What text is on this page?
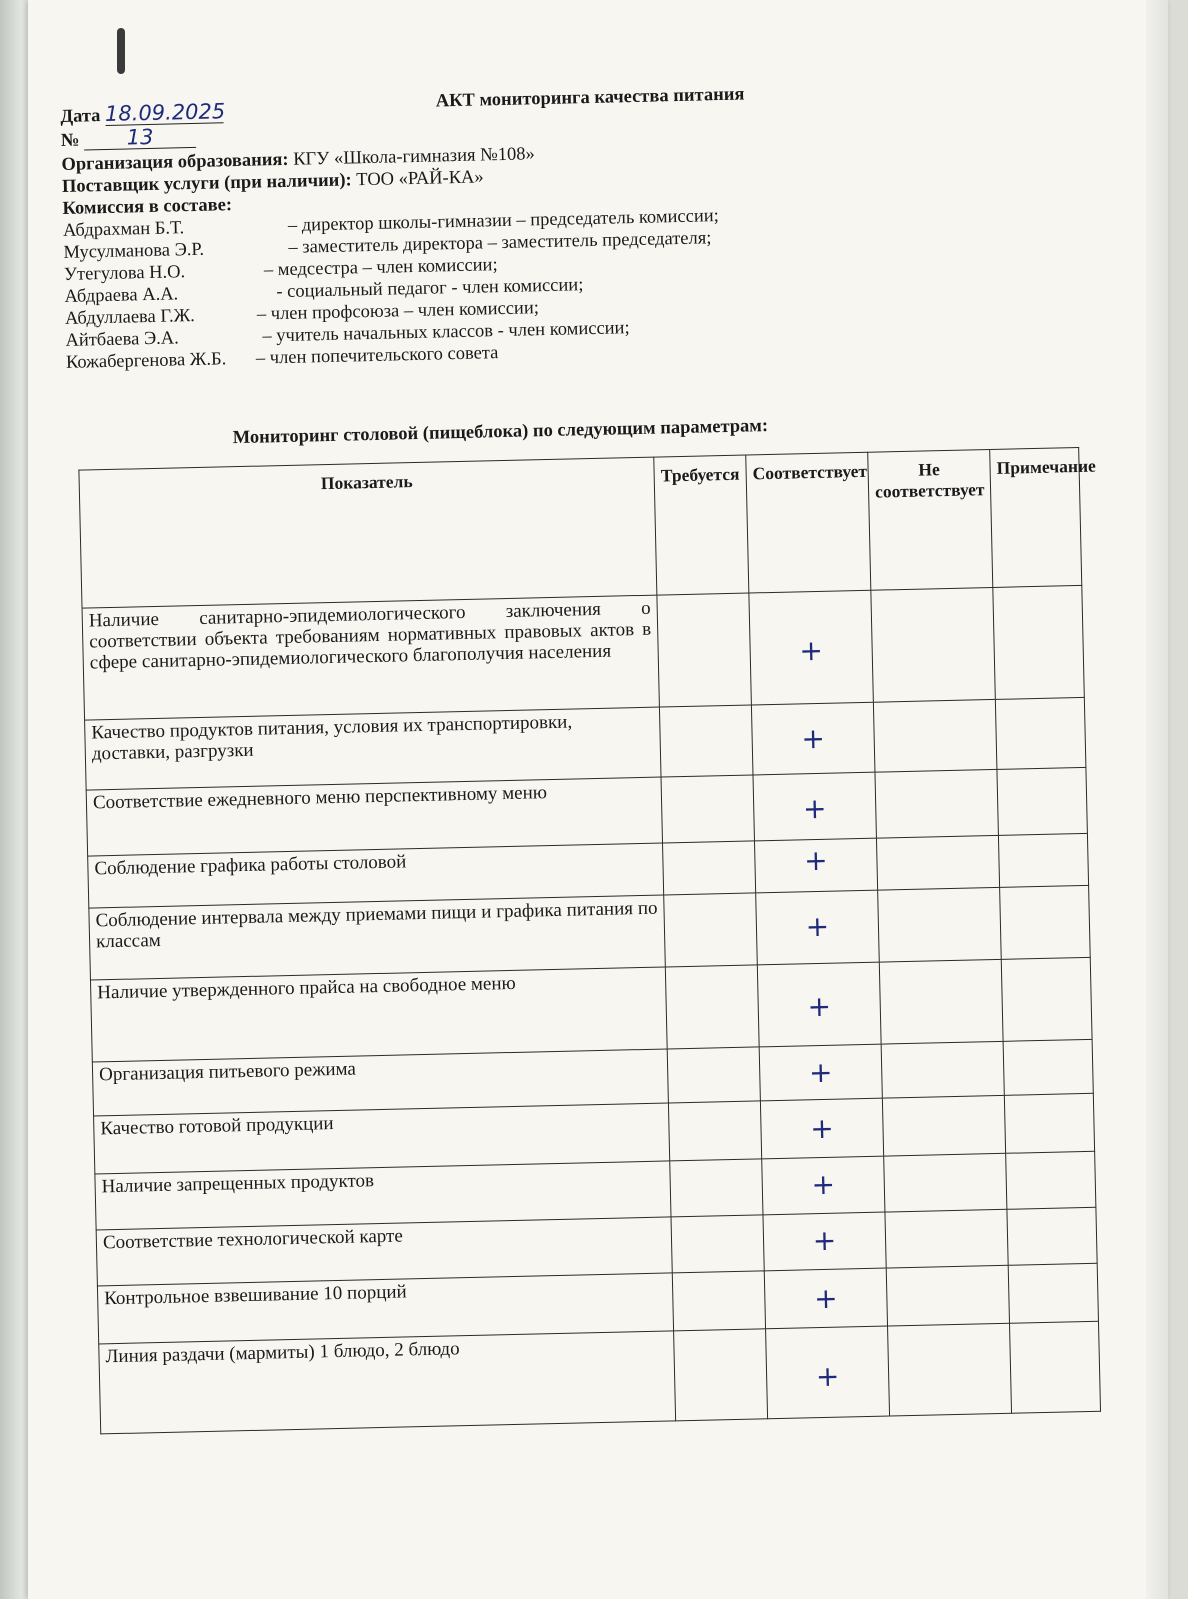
АКТ мониторинга качества питания
Дата 18.09.2025
№ 13
Организация образования: КГУ «Школа-гимназия №108»
Поставщик услуги (при наличии): ТОО «РАЙ-КА»
Комиссия в составе:
Абдрахман Б.Т.	– директор школы-гимназии – председатель комиссии;
Мусулманова Э.Р.	– заместитель директора – заместитель председателя;
Утегулова Н.О.	– медсестра – член комиссии;
Абдраева А.А.	- социальный педагог - член комиссии;
Абдуллаева Г.Ж.	– член профсоюза – член комиссии;
Айтбаева Э.А.	– учитель начальных классов - член комиссии;
Кожабергенова Ж.Б. – член попечительского совета
Мониторинг столовой (пищеблока) по следующим параметрам:
Показатель	Требуется	Соответствует	Не соответствует	Примечание
Наличие санитарно-эпидемиологического заключения о соответствии объекта требованиям нормативных правовых актов в сфере санитарно-эпидемиологического благополучия населения		+		

Качество продуктов питания, условия их транспортировки, доставки, разгрузки		+		

Соответствие ежедневного меню перспективному меню		+		

Соблюдение графика работы столовой		+		

Соблюдение интервала между приемами пищи и графика питания по классам		+		

Наличие утвержденного прайса на свободное меню		+		

Организация питьевого режима		+		

Качество готовой продукции		+		

Наличие запрещенных продуктов		+		

Соответствие технологической карте		+		

Контрольное взвешивание 10 порций		+		

Линия раздачи (мармиты) 1 блюдо, 2 блюдо		+		
